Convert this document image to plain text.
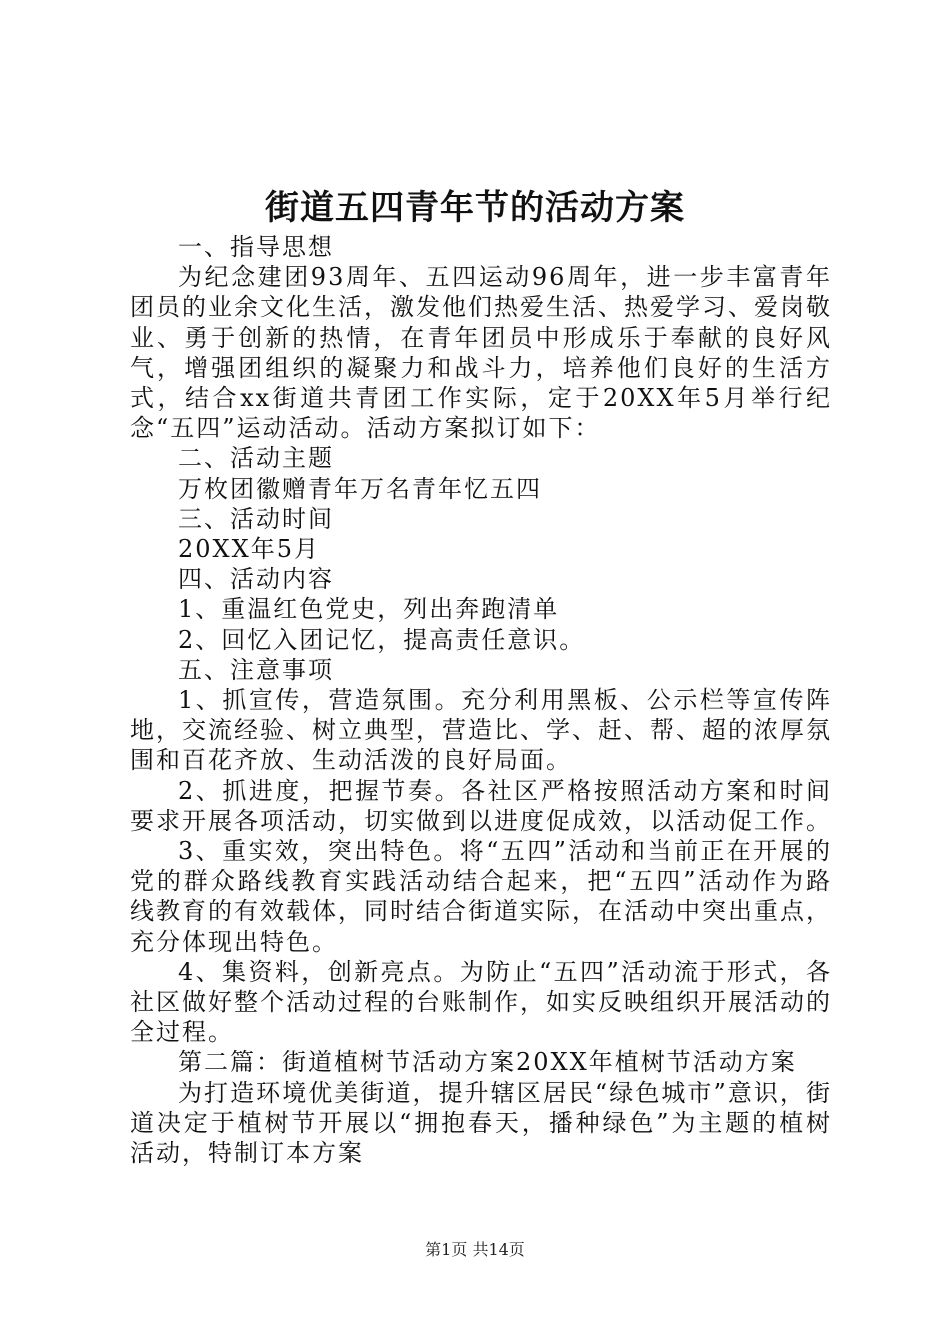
街道五四青年节的活动方案

一、指导思想

为纪念建团93周年、五四运动96周年，进一步丰富青年团员的业余文化生活，激发他们热爱生活、热爱学习、爱岗敬业、勇于创新的热情，在青年团员中形成乐于奉献的良好风气，增强团组织的凝聚力和战斗力，培养他们良好的生活方式，结合xx街道共青团工作实际，定于20XX年5月举行纪念“五四”运动活动。活动方案拟订如下：

二、活动主题

万枚团徽赠青年万名青年忆五四

三、活动时间

20XX年5月

四、活动内容

1、重温红色党史，列出奔跑清单

2、回忆入团记忆，提高责任意识。

五、注意事项

1、抓宣传，营造氛围。充分利用黑板、公示栏等宣传阵地，交流经验、树立典型，营造比、学、赶、帮、超的浓厚氛围和百花齐放、生动活泼的良好局面。

2、抓进度，把握节奏。各社区严格按照活动方案和时间要求开展各项活动，切实做到以进度促成效，以活动促工作。

3、重实效，突出特色。将“五四”活动和当前正在开展的党的群众路线教育实践活动结合起来，把“五四”活动作为路线教育的有效载体，同时结合街道实际，在活动中突出重点，充分体现出特色。

4、集资料，创新亮点。为防止“五四”活动流于形式，各社区做好整个活动过程的台账制作，如实反映组织开展活动的全过程。

第二篇：街道植树节活动方案20XX年植树节活动方案

为打造环境优美街道，提升辖区居民“绿色城市”意识，街道决定于植树节开展以“拥抱春天，播种绿色”为主题的植树活动，特制订本方案

第1页 共14页
